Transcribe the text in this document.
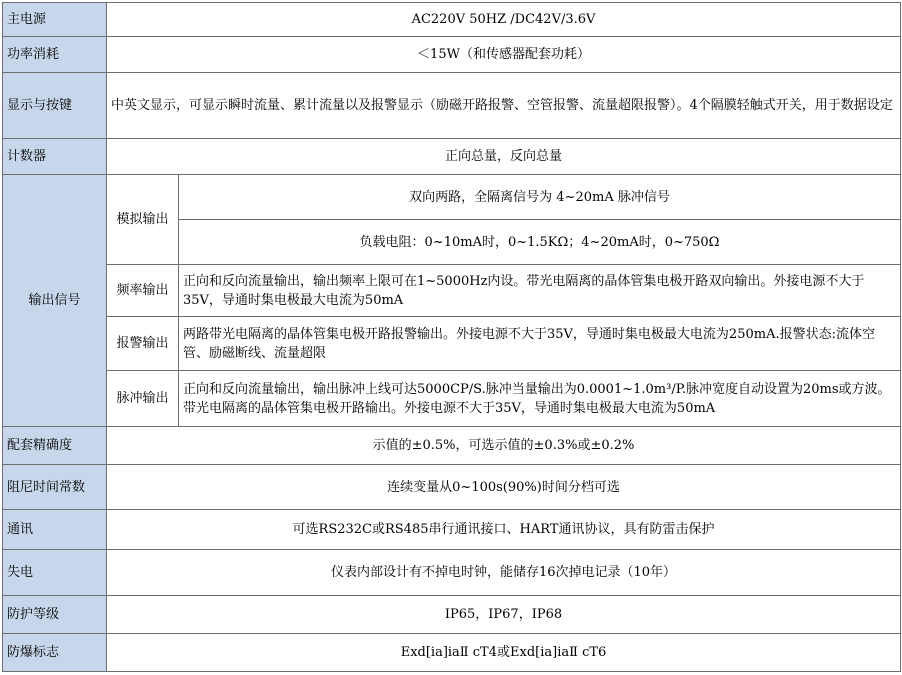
主电源	AC220V 50HZ /DC42V/3.6V	
功率消耗	＜15W（和传感器配套功耗）	
显示与按键	中英文显示，可显示瞬时流量、累计流量以及报警显示（励磁开路报警、空管报警、流量超限报警）。4个隔膜轻触式开关，用于数据设定	
计数器	正向总量，反向总量	
输出信号	模拟输出	双向两路，全隔离信号为 4~20mA 脉冲信号
		负载电阻：0~10mA时，0~1.5KΩ；4~20mA时，0~750Ω
	频率输出	正向和反向流量输出，输出频率上限可在1~5000Hz内设。带光电隔离的晶体管集电极开路双向输出。外接电源不大于35V，导通时集电极最大电流为50mA
	报警输出	两路带光电隔离的晶体管集电极开路报警输出。外接电源不大于35V，导通时集电极最大电流为250mA.报警状态:流体空管、励磁断线、流量超限
	脉冲输出	正向和反向流量输出，输出脉冲上线可达5000CP/S.脉冲当量输出为0.0001~1.0m³/P.脉冲宽度自动设置为20ms或方波。带光电隔离的晶体管集电极开路输出。外接电源不大于35V，导通时集电极最大电流为50mA
配套精确度	示值的±0.5%，可选示值的±0.3%或±0.2%	
阻尼时间常数	连续变量从0~100s(90%)时间分档可选	
通讯	可选RS232C或RS485串行通讯接口、HART通讯协议，具有防雷击保护	
失电	仪表内部设计有不掉电时钟，能储存16次掉电记录（10年）	
防护等级	IP65，IP67，IP68	
防爆标志	Exd[ia]iaⅡ cT4或Exd[ia]iaⅡ cT6	
